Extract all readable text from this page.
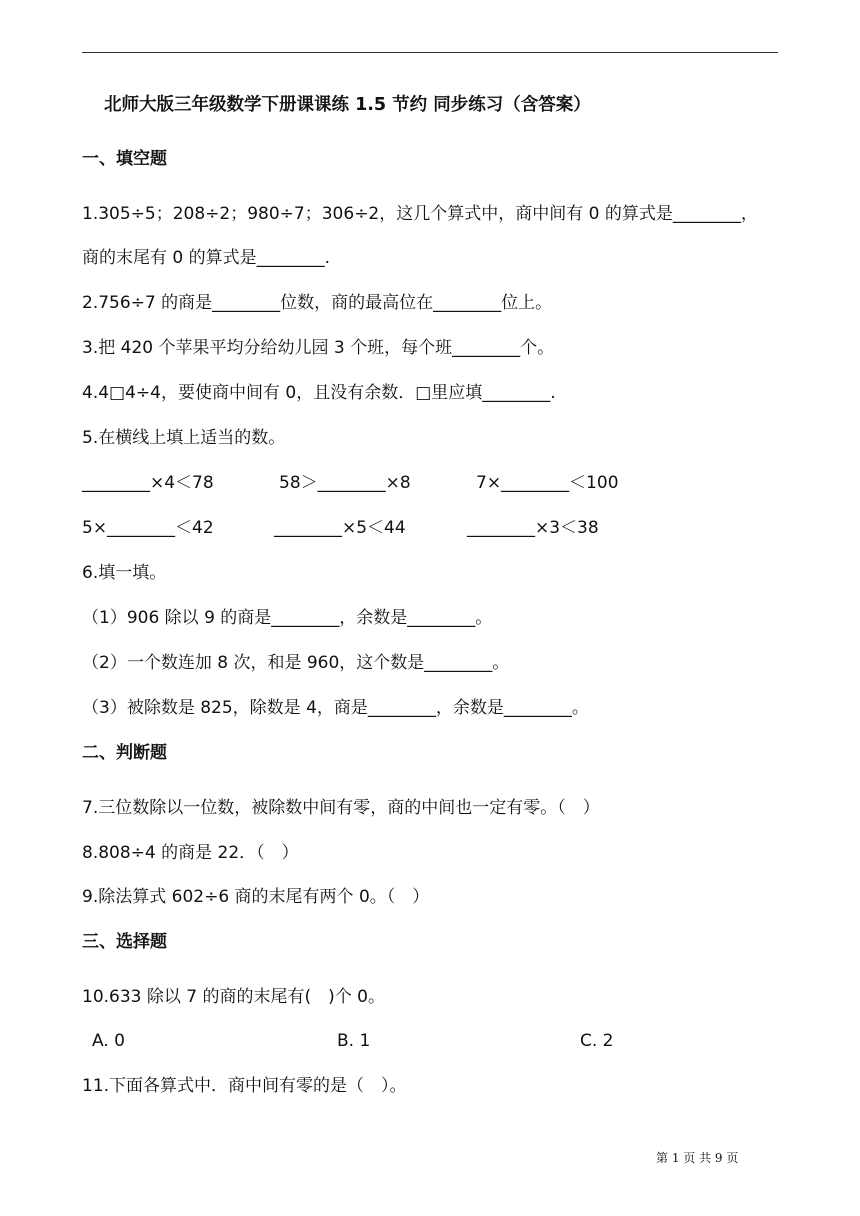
北师大版三年级数学下册课课练 1.5 节约 同步练习（含答案）
一、填空题
1.305÷5；208÷2；980÷7；306÷2，这几个算式中，商中间有 0 的算式是________，
商的末尾有 0 的算式是________.
2.756÷7 的商是________位数，商的最高位在________位上。
3.把 420 个苹果平均分给幼儿园 3 个班，每个班________个。
4.4□4÷4，要使商中间有 0，且没有余数．□里应填________.
5.在横线上填上适当的数。
________×4＜78	58＞________×8	7×________＜100
5×________＜42	________×5＜44	________×3＜38
6.填一填。
（1）906 除以 9 的商是________，余数是________。
（2）一个数连加 8 次，和是 960，这个数是________。
（3）被除数是 825，除数是 4，商是________，余数是________。
二、判断题
7.三位数除以一位数，被除数中间有零，商的中间也一定有零。（　）
8.808÷4 的商是 22．（　）
9.除法算式 602÷6 商的末尾有两个 0。（　）
三、选择题
10.633 除以 7 的商的末尾有(　)个 0。
A. 0	B. 1	C. 2
11.下面各算式中．商中间有零的是（　）。
第 1 页 共 9 页
